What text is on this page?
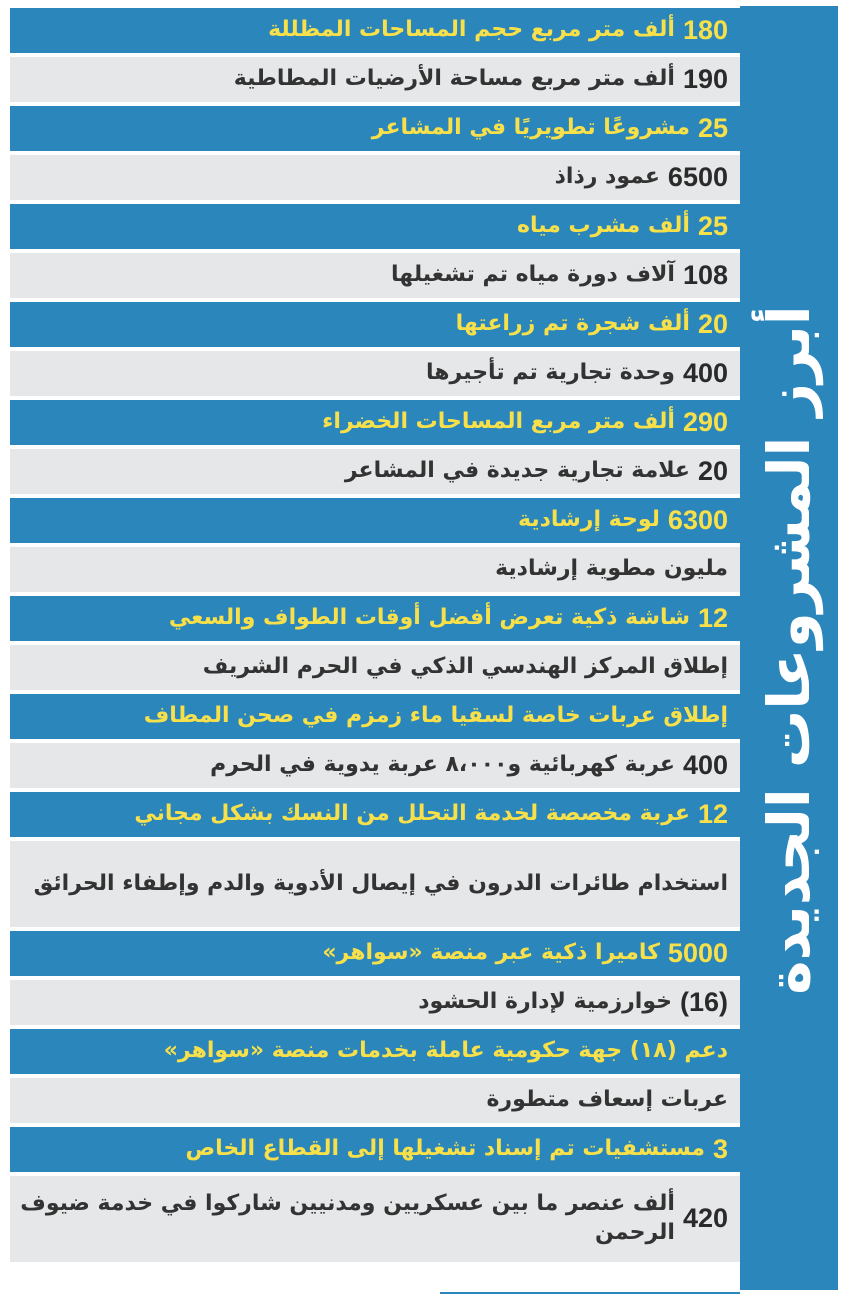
أبرز المشروعات الجديدة
180
ألف متر مربع حجم المساحات المظللة
190
ألف متر مربع مساحة الأرضيات المطاطية
25
مشروعًا تطويريًا في المشاعر
6500
عمود رذاذ
25
ألف مشرب مياه
108
آلاف دورة مياه تم تشغيلها
20
ألف شجرة تم زراعتها
400
وحدة تجارية تم تأجيرها
290
ألف متر مربع المساحات الخضراء
20
علامة تجارية جديدة في المشاعر
6300
لوحة إرشادية
مليون مطوية إرشادية
12
شاشة ذكية تعرض أفضل أوقات الطواف والسعي
إطلاق المركز الهندسي الذكي في الحرم الشريف
إطلاق عربات خاصة لسقيا ماء زمزم في صحن المطاف
400
عربة كهربائية و٨،٠٠٠ عربة يدوية في الحرم
12
عربة مخصصة لخدمة التحلل من النسك بشكل مجاني
استخدام طائرات الدرون في إيصال الأدوية والدم وإطفاء الحرائق
5000
كاميرا ذكية عبر منصة «سواهر»
(16)
خوارزمية لإدارة الحشود
دعم (١٨) جهة حكومية عاملة بخدمات منصة «سواهر»
عربات إسعاف متطورة
3
مستشفيات تم إسناد تشغيلها إلى القطاع الخاص
420
ألف عنصر ما بين عسكريين ومدنيين شاركوا في خدمة ضيوف الرحمن
